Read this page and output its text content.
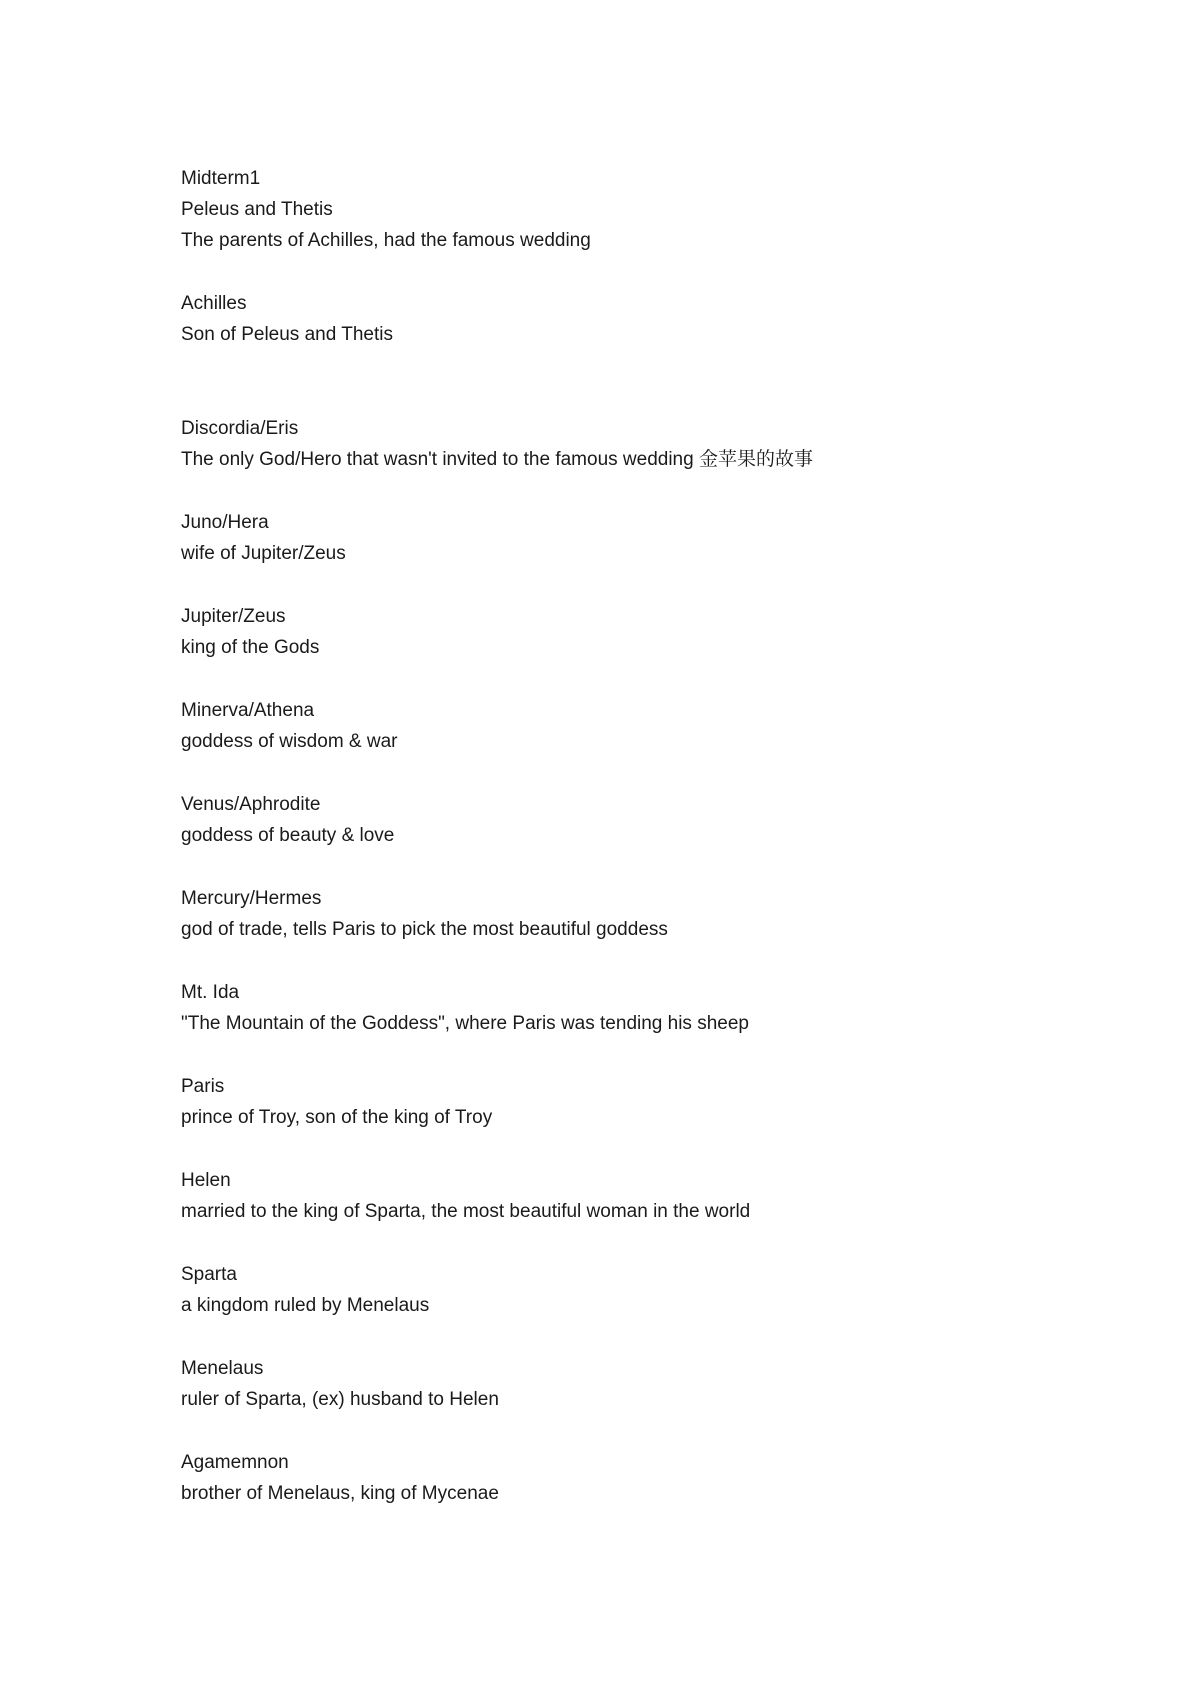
Midterm1

Peleus and Thetis

The parents of Achilles, had the famous wedding

Achilles

Son of Peleus and Thetis

Discordia/Eris

The only God/Hero that wasn't invited to the famous wedding 金苹果的故事

Juno/Hera

wife of Jupiter/Zeus

Jupiter/Zeus

king of the Gods

Minerva/Athena

goddess of wisdom & war

Venus/Aphrodite

goddess of beauty & love

Mercury/Hermes

god of trade, tells Paris to pick the most beautiful goddess

Mt. Ida

"The Mountain of the Goddess", where Paris was tending his sheep

Paris

prince of Troy, son of the king of Troy

Helen

married to the king of Sparta, the most beautiful woman in the world

Sparta

a kingdom ruled by Menelaus

Menelaus

ruler of Sparta, (ex) husband to Helen

Agamemnon

brother of Menelaus, king of Mycenae
